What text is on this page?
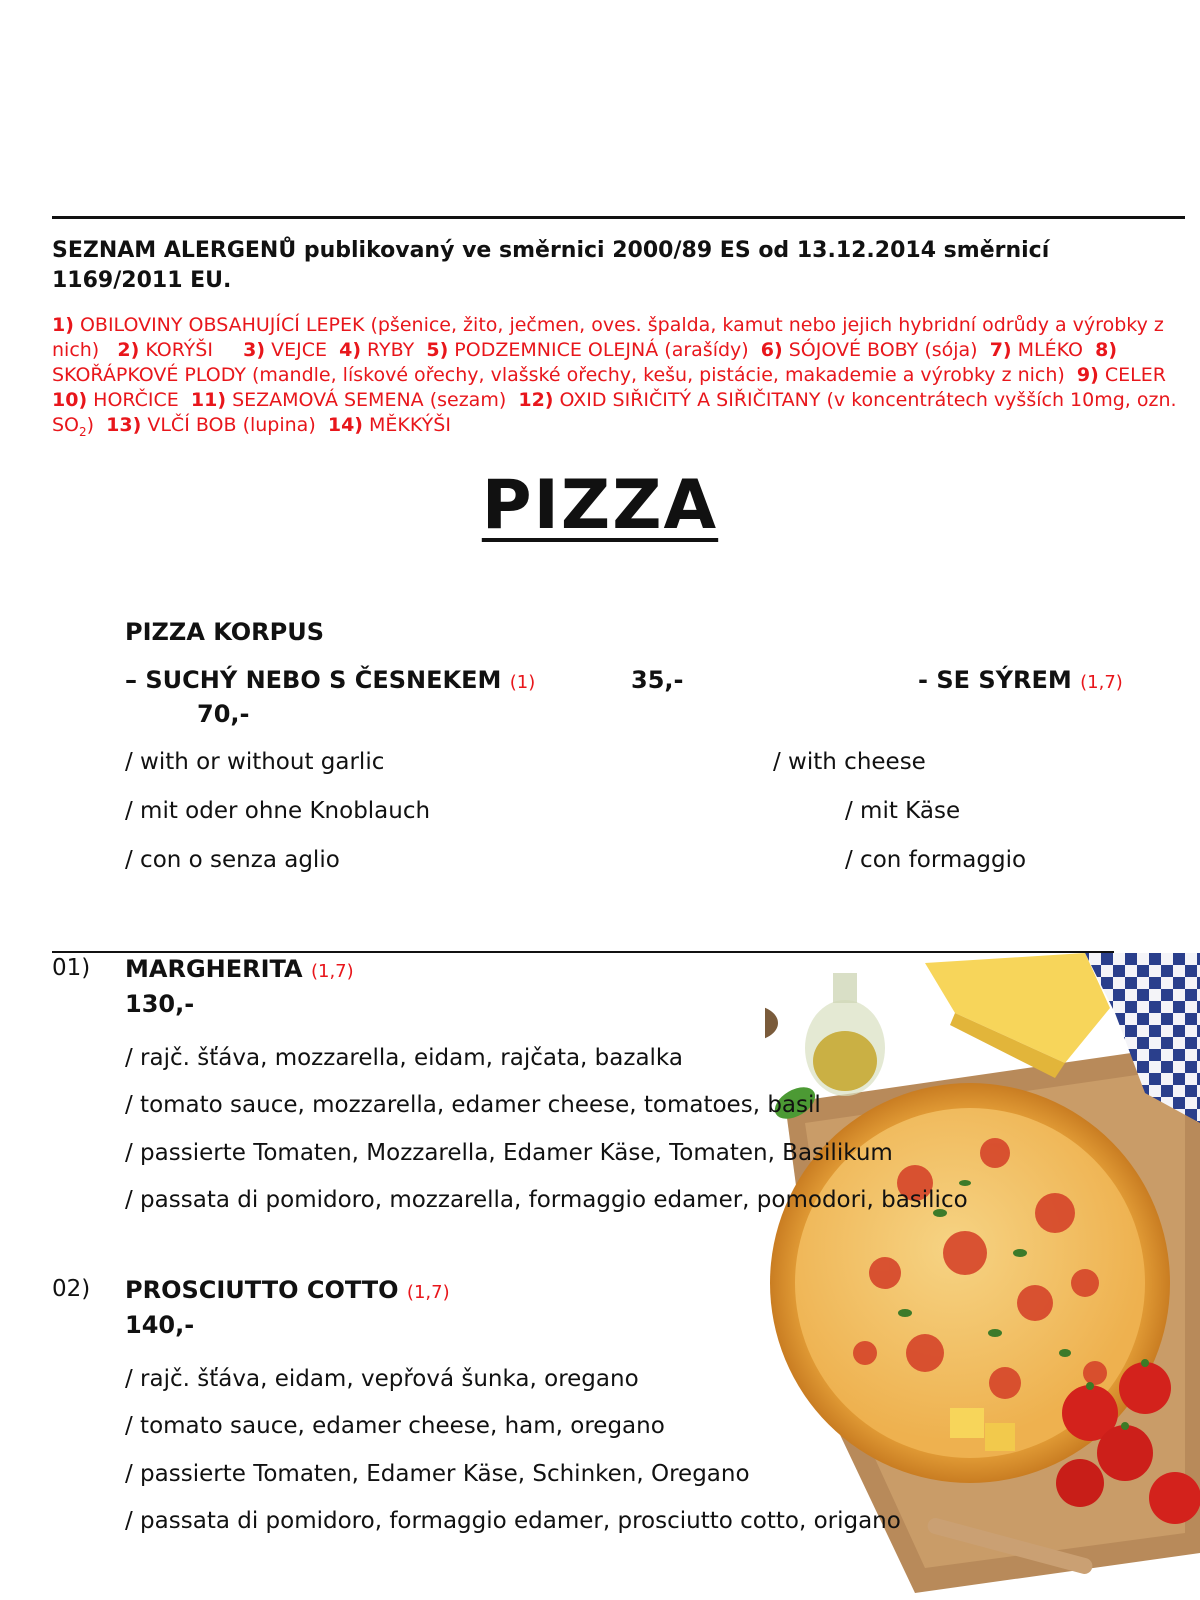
SEZNAM ALERGENŮ publikovaný ve směrnici 2000/89 ES od 13.12.2014 směrnicí 1169/2011 EU.
1) OBILOVINY OBSAHUJÍCÍ LEPEK (pšenice, žito, ječmen, oves. špalda, kamut nebo jejich hybridní odrůdy a výrobky z nich) 2) KORÝŠI 3) VEJCE 4) RYBY 5) PODZEMNICE OLEJNÁ (arašídy) 6) SÓJOVÉ BOBY (sója) 7) MLÉKO 8) SKOŘÁPKOVÉ PLODY (mandle, lískové ořechy, vlašské ořechy, kešu, pistácie, makademie a výrobky z nich) 9) CELER  10) HORČICE 11) SEZAMOVÁ SEMENA (sezam) 12) OXID SIŘIČITÝ A SIŘIČITANY (v koncentrátech vyšších 10mg, ozn. $SO_2$) 13) VLČÍ BOB (lupina) 14) MĚKKÝŠI
PIZZA
PIZZA KORPUS
– SUCHÝ NEBO S ČESNEKEM (1)	35,-	- SE SÝREM (1,7)
70,-
/ with or without garlic
/ mit oder ohne Knoblauch
/ con o senza aglio
/ with cheese
/ mit Käse
/ con formaggio
01) MARGHERITA (1,7)
130,-
/ rajč. šťáva, mozzarella, eidam, rajčata, bazalka
/ tomato sauce, mozzarella, edamer cheese, tomatoes, basil
/ passierte Tomaten, Mozzarella, Edamer Käse, Tomaten, Basilikum
/ passata di pomidoro, mozzarella, formaggio edamer, pomodori, basilico
02) PROSCIUTTO COTTO (1,7)
140,-
/ rajč. šťáva, eidam, vepřová šunka, oregano
/ tomato sauce, edamer cheese, ham, oregano
/ passierte Tomaten, Edamer Käse, Schinken, Oregano
/ passata di pomidoro, formaggio edamer, prosciutto cotto, origano
